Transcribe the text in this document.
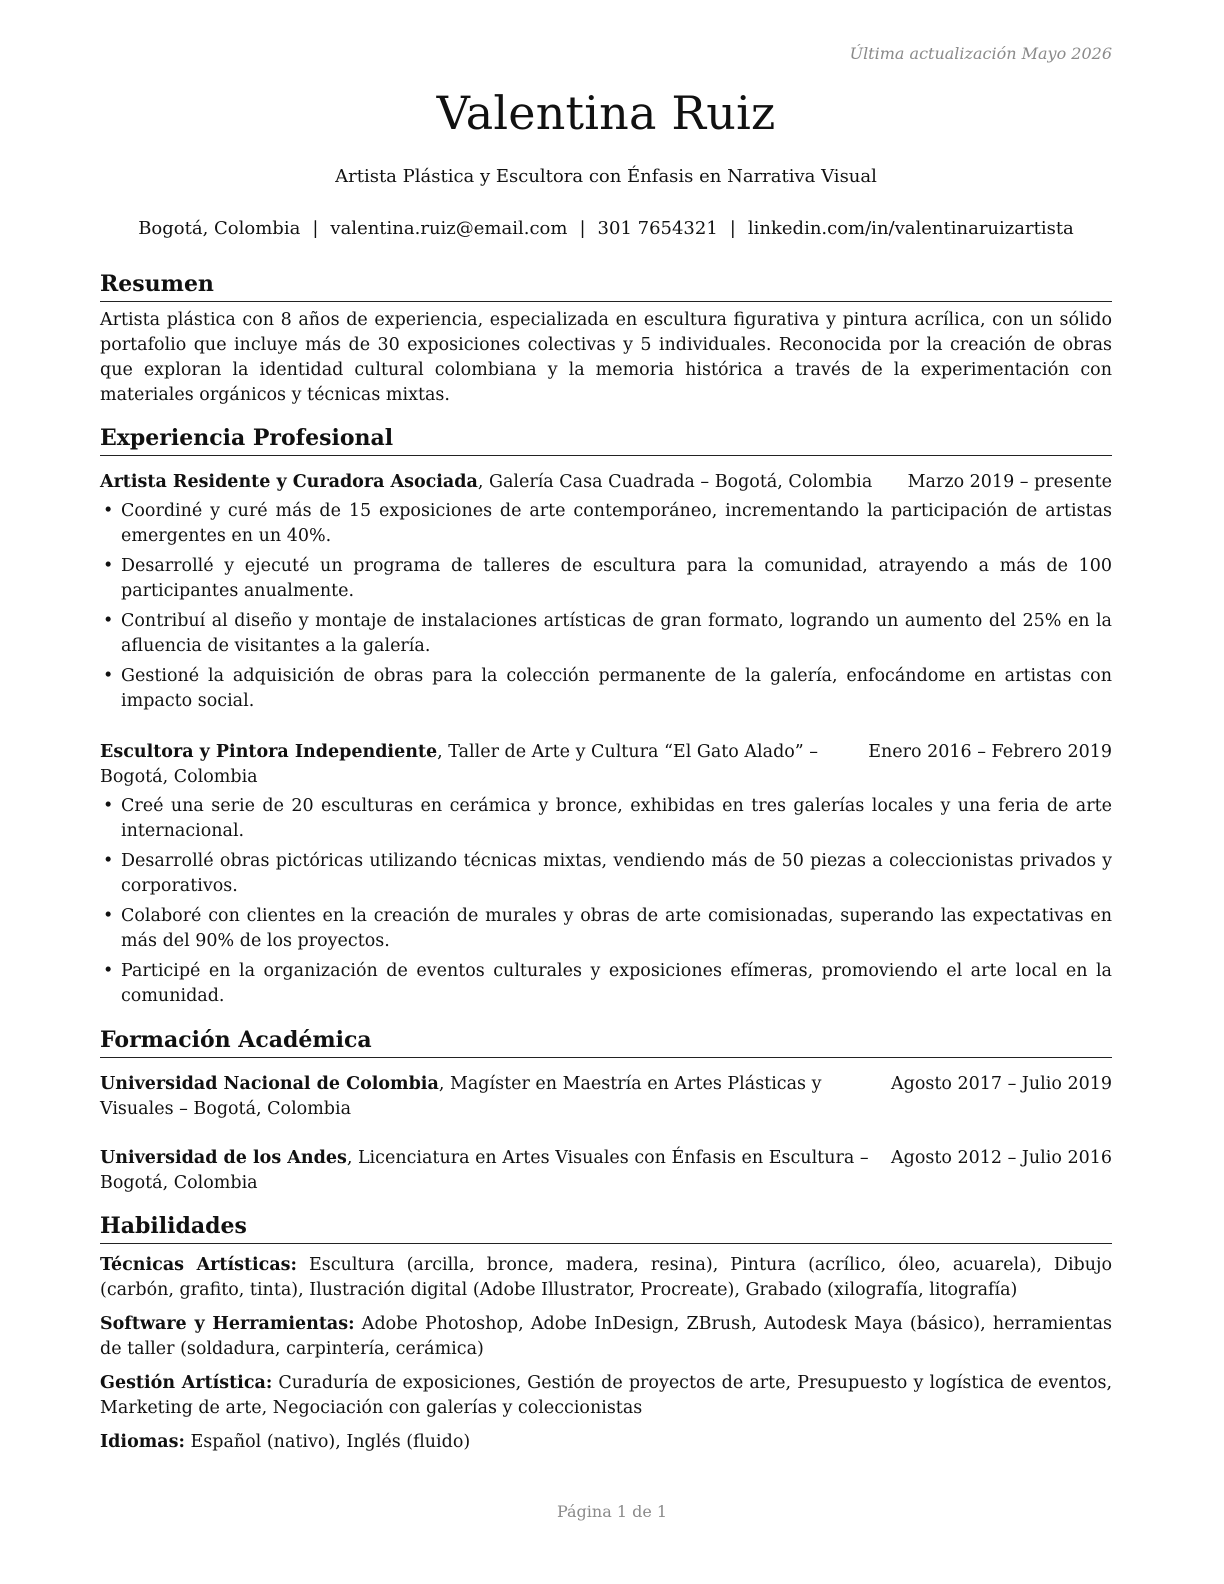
Última actualización Mayo 2026
Valentina Ruiz
Artista Plástica y Escultora con Énfasis en Narrativa Visual
Bogotá, Colombia | valentina.ruiz@email.com | 301 7654321 | linkedin.com/in/valentinaruizartista
Resumen

Artista plástica con 8 años de experiencia, especializada en escultura figurativa y pintura acrílica, con un sólido portafolio que incluye más de 30 exposiciones colectivas y 5 individuales. Reconocida por la creación de obras que exploran la identidad cultural colombiana y la memoria histórica a través de la experimentación con materiales orgánicos y técnicas mixtas.

Experiencia Profesional
Artista Residente y Curadora Asociada, Galería Casa Cuadrada – Bogotá, Colombia	Marzo 2019 – presente
• Coordiné y curé más de 15 exposiciones de arte contemporáneo, incrementando la participación de artistas emergentes en un 40%.
• Desarrollé y ejecuté un programa de talleres de escultura para la comunidad, atrayendo a más de 100 participantes anualmente.
• Contribuí al diseño y montaje de instalaciones artísticas de gran formato, logrando un aumento del 25% en la afluencia de visitantes a la galería.
• Gestioné la adquisición de obras para la colección permanente de la galería, enfocándome en artistas con impacto social.
Escultora y Pintora Independiente, Taller de Arte y Cultura “El Gato Alado” – Bogotá, Colombia
Enero 2016 – Febrero 2019
• Creé una serie de 20 esculturas en cerámica y bronce, exhibidas en tres galerías locales y una feria de arte internacional.
• Desarrollé obras pictóricas utilizando técnicas mixtas, vendiendo más de 50 piezas a coleccionistas privados y corporativos.
• Colaboré con clientes en la creación de murales y obras de arte comisionadas, superando las expectativas en más del 90% de los proyectos.
• Participé en la organización de eventos culturales y exposiciones efímeras, promoviendo el arte local en la comunidad.
Formación Académica
Universidad Nacional de Colombia, Magíster en Maestría en Artes Plásticas y Visuales – Bogotá, Colombia
Agosto 2017 – Julio 2019
Universidad de los Andes, Licenciatura en Artes Visuales con Énfasis en Escultura – Bogotá, Colombia
Agosto 2012 – Julio 2016
Habilidades
Técnicas Artísticas: Escultura (arcilla, bronce, madera, resina), Pintura (acrílico, óleo, acuarela), Dibujo (carbón, grafito, tinta), Ilustración digital (Adobe Illustrator, Procreate), Grabado (xilografía, litografía)
Software y Herramientas: Adobe Photoshop, Adobe InDesign, ZBrush, Autodesk Maya (básico), herramientas de taller (soldadura, carpintería, cerámica)
Gestión Artística: Curaduría de exposiciones, Gestión de proyectos de arte, Presupuesto y logística de eventos, Marketing de arte, Negociación con galerías y coleccionistas
Idiomas: Español (nativo), Inglés (fluido)
Página 1 de 1
